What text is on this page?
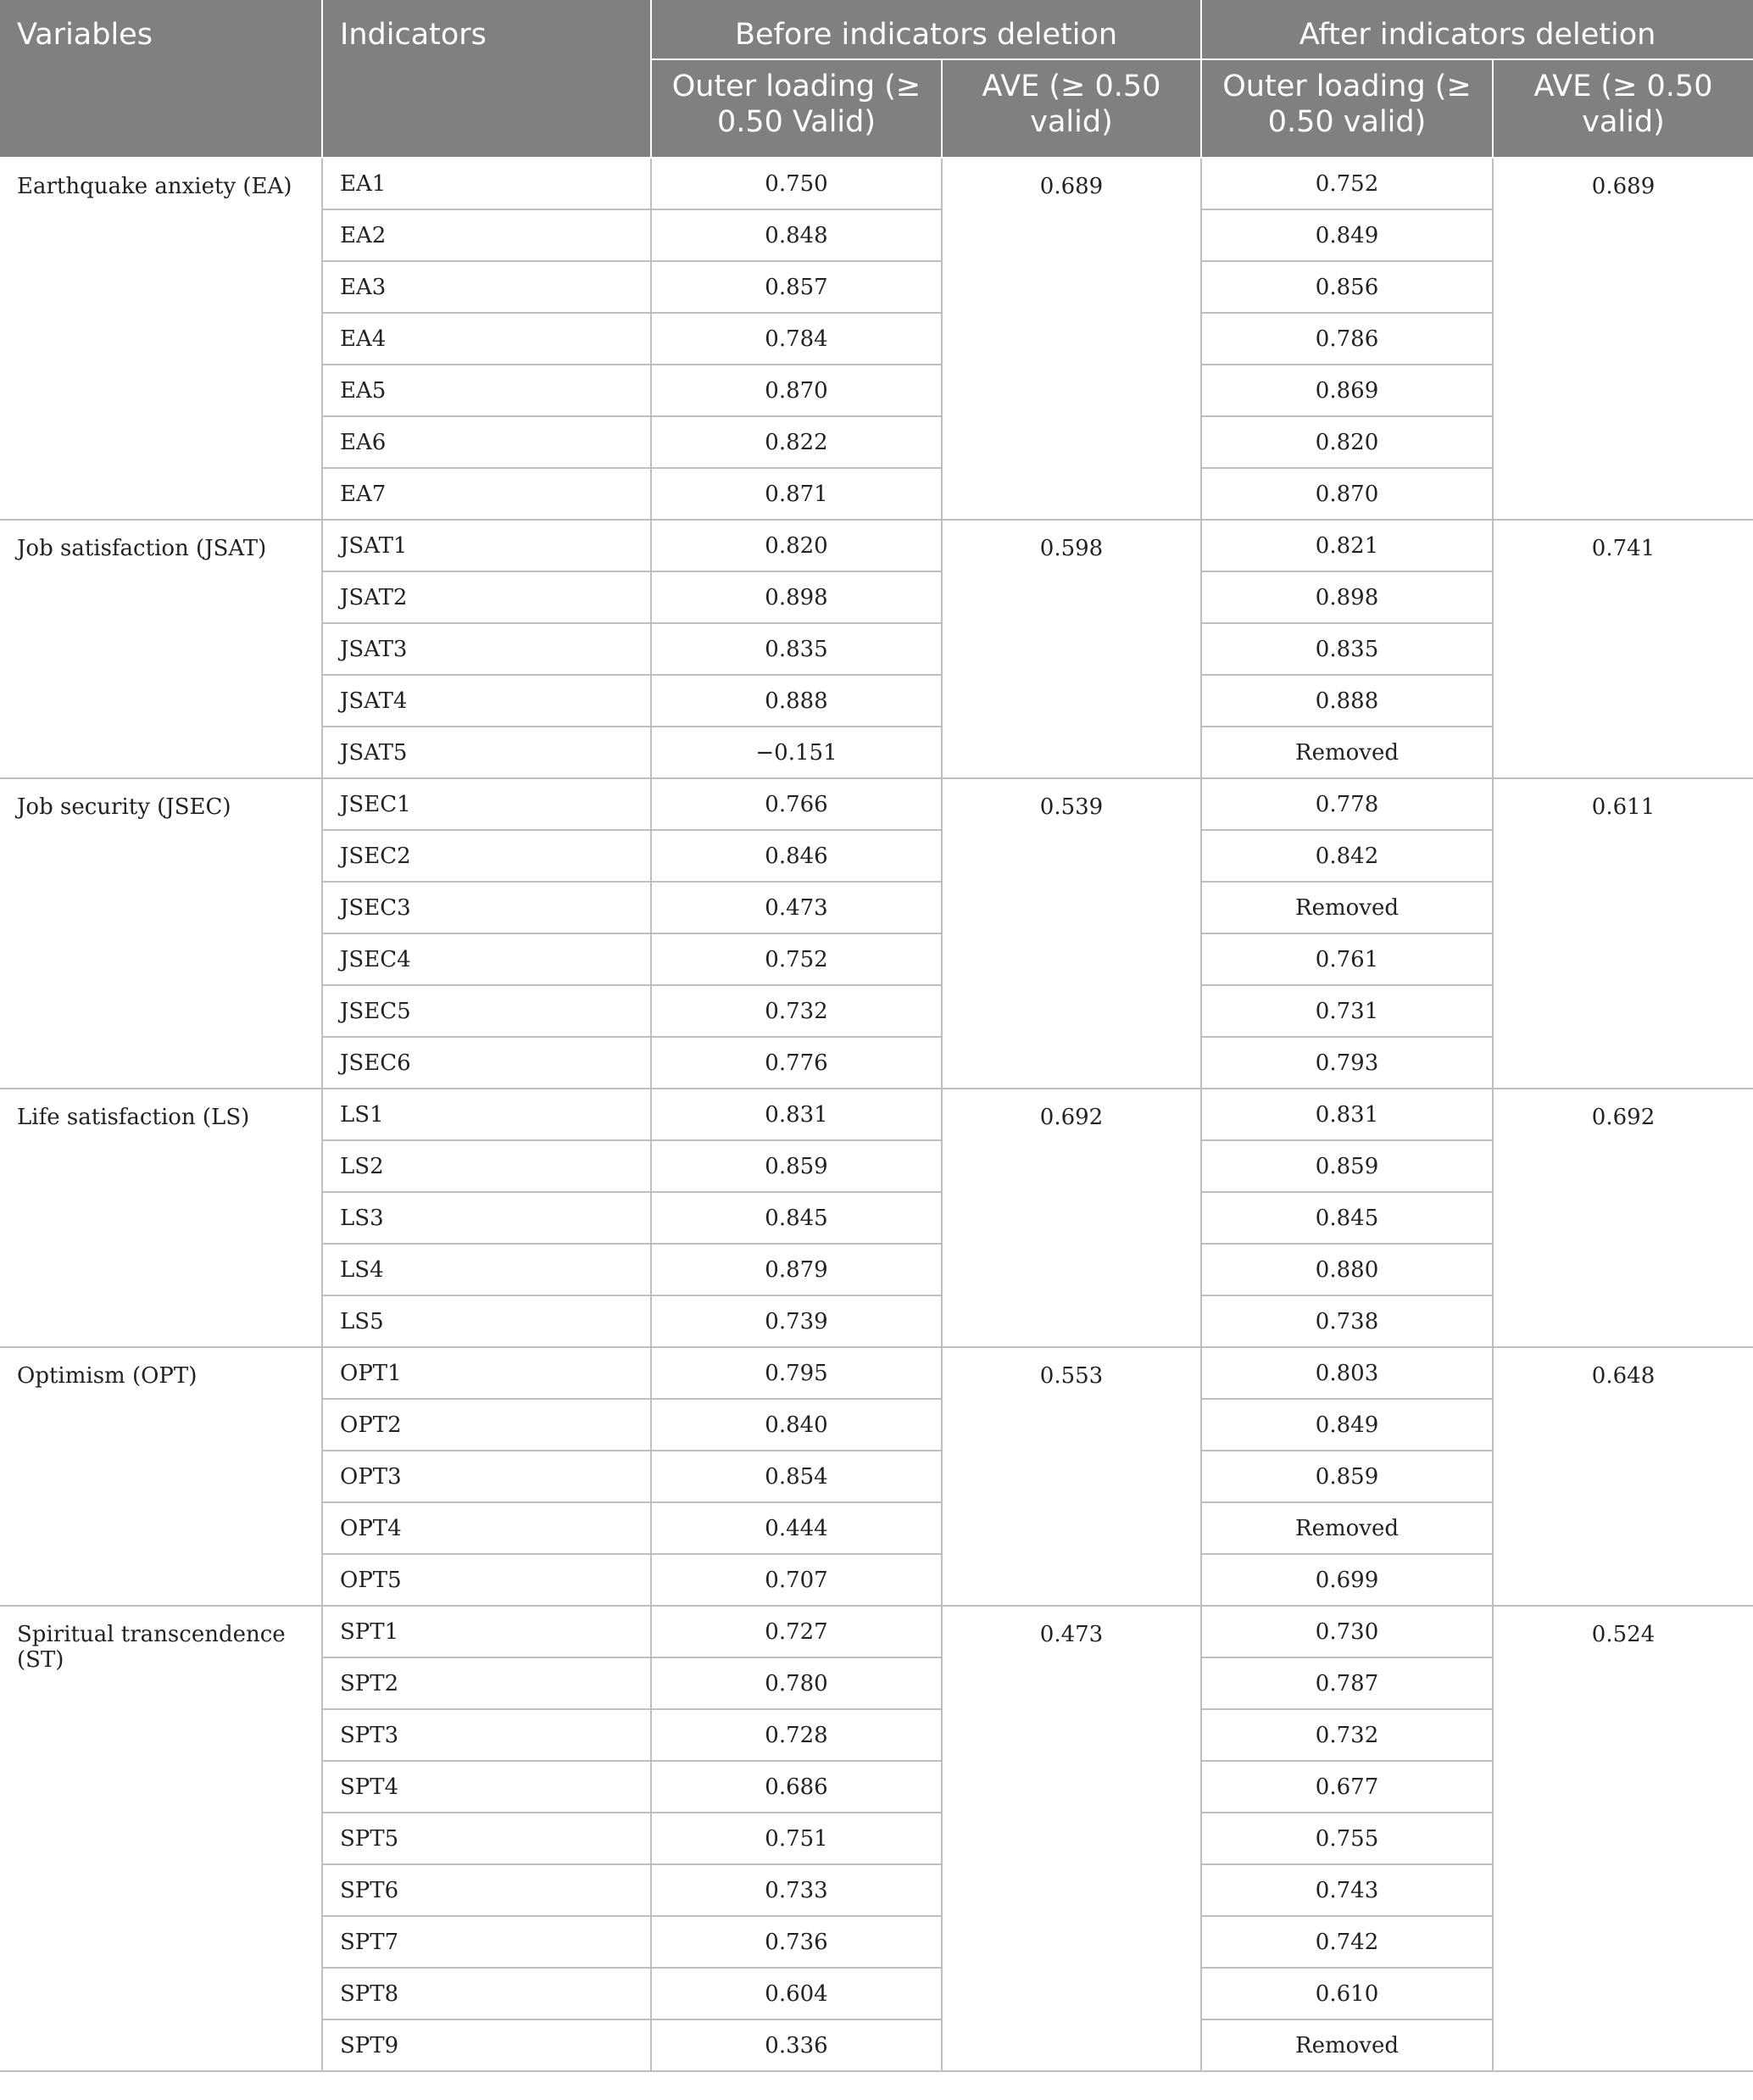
Variables	Indicators	Before indicators deletion		After indicators deletion	
		Outer loading (≥ 0.50 Valid)	AVE (≥ 0.50 valid)	Outer loading (≥ 0.50 valid)	AVE (≥ 0.50 valid)
Earthquake anxiety (EA)	EA1	0.750	0.689	0.752	0.689
	EA2	0.848		0.849	
	EA3	0.857		0.856	
	EA4	0.784		0.786	
	EA5	0.870		0.869	
	EA6	0.822		0.820	
	EA7	0.871		0.870	
Job satisfaction (JSAT)	JSAT1	0.820	0.598	0.821	0.741
	JSAT2	0.898		0.898	
	JSAT3	0.835		0.835	
	JSAT4	0.888		0.888	
	JSAT5	−0.151		Removed	
Job security (JSEC)	JSEC1	0.766	0.539	0.778	0.611
	JSEC2	0.846		0.842	
	JSEC3	0.473		Removed	
	JSEC4	0.752		0.761	
	JSEC5	0.732		0.731	
	JSEC6	0.776		0.793	
Life satisfaction (LS)	LS1	0.831	0.692	0.831	0.692
	LS2	0.859		0.859	
	LS3	0.845		0.845	
	LS4	0.879		0.880	
	LS5	0.739		0.738	
Optimism (OPT)	OPT1	0.795	0.553	0.803	0.648
	OPT2	0.840		0.849	
	OPT3	0.854		0.859	
	OPT4	0.444		Removed	
	OPT5	0.707		0.699	
Spiritual transcendence (ST)	SPT1	0.727	0.473	0.730	0.524
	SPT2	0.780		0.787	
	SPT3	0.728		0.732	
	SPT4	0.686		0.677	
	SPT5	0.751		0.755	
	SPT6	0.733		0.743	
	SPT7	0.736		0.742	
	SPT8	0.604		0.610	
	SPT9	0.336		Removed	
